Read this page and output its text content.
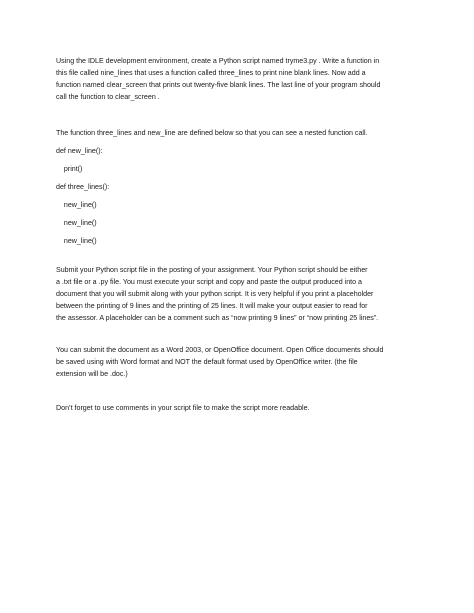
Using the IDLE development environment, create a Python script named tryme3.py . Write a function in
this file called nine_lines that uses a function called three_lines to print nine blank lines. Now add a
function named clear_screen that prints out twenty-five blank lines. The last line of your program should
call the function to clear_screen .
The function three_lines and new_line are defined below so that you can see a nested function call.
def new_line():
print()
def three_lines():
new_line()
new_line()
new_line()
Submit your Python script file in the posting of your assignment. Your Python script should be either
a .txt file or a .py file. You must execute your script and copy and paste the output produced into a
document that you will submit along with your python script. It is very helpful if you print a placeholder
between the printing of 9 lines and the printing of 25 lines. It will make your output easier to read for
the assessor. A placeholder can be a comment such as “now printing 9 lines” or “now printing 25 lines”.
You can submit the document as a Word 2003, or OpenOffice document. Open Office documents should
be saved using with Word format and NOT the default format used by OpenOffice writer. (the file
extension will be .doc.)
Don’t forget to use comments in your script file to make the script more readable.
